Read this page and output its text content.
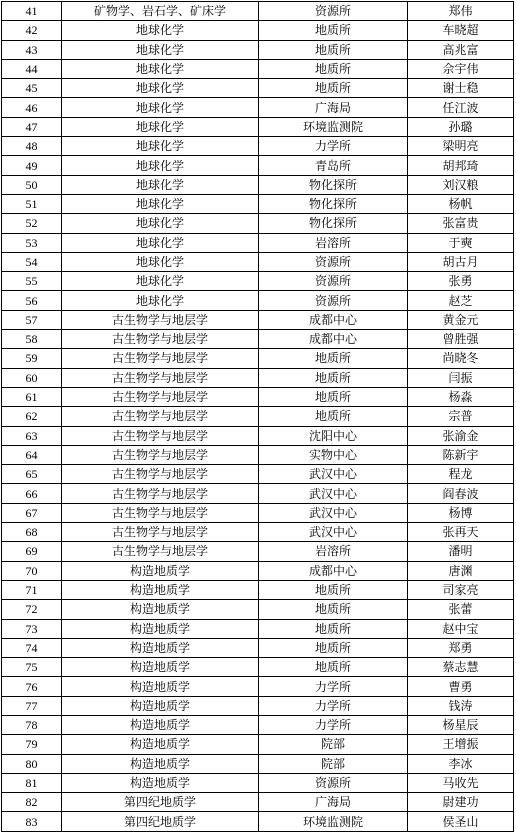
41	矿物学、岩石学、矿床学	资源所	郑伟
42	地球化学	地质所	车晓超
43	地球化学	地质所	高兆富
44	地球化学	地质所	佘宇伟
45	地球化学	地质所	谢士稳
46	地球化学	广海局	任江波
47	地球化学	环境监测院	孙璐
48	地球化学	力学所	梁明亮
49	地球化学	青岛所	胡邦琦
50	地球化学	物化探所	刘汉粮
51	地球化学	物化探所	杨帆
52	地球化学	物化探所	张富贵
53	地球化学	岩溶所	于奭
54	地球化学	资源所	胡古月
55	地球化学	资源所	张勇
56	地球化学	资源所	赵芝
57	古生物学与地层学	成都中心	黄金元
58	古生物学与地层学	成都中心	曾胜强
59	古生物学与地层学	地质所	尚晓冬
60	古生物学与地层学	地质所	闫振
61	古生物学与地层学	地质所	杨淼
62	古生物学与地层学	地质所	宗普
63	古生物学与地层学	沈阳中心	张渝金
64	古生物学与地层学	实物中心	陈新宇
65	古生物学与地层学	武汉中心	程龙
66	古生物学与地层学	武汉中心	阎春波
67	古生物学与地层学	武汉中心	杨博
68	古生物学与地层学	武汉中心	张再天
69	古生物学与地层学	岩溶所	潘明
70	构造地质学	成都中心	唐渊
71	构造地质学	地质所	司家亮
72	构造地质学	地质所	张蕾
73	构造地质学	地质所	赵中宝
74	构造地质学	地质所	郑勇
75	构造地质学	地质所	蔡志慧
76	构造地质学	力学所	曹勇
77	构造地质学	力学所	钱涛
78	构造地质学	力学所	杨星辰
79	构造地质学	院部	王增振
80	构造地质学	院部	李冰
81	构造地质学	资源所	马收先
82	第四纪地质学	广海局	尉建功
83	第四纪地质学	环境监测院	侯圣山
